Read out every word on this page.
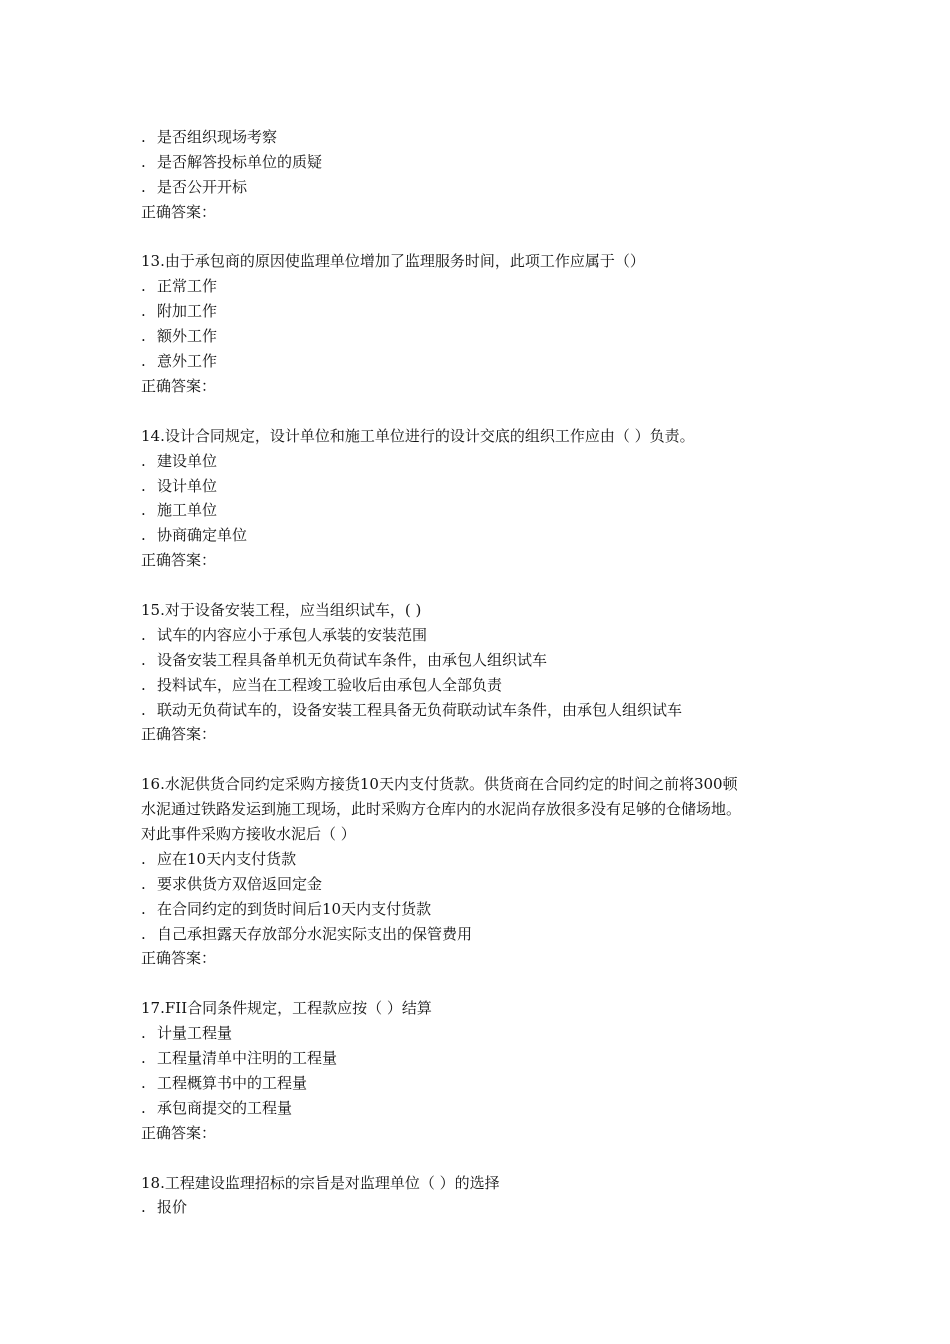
. 是否组织现场考察
. 是否解答投标单位的质疑
. 是否公开开标
正确答案：
13.由于承包商的原因使监理单位增加了监理服务时间，此项工作应属于（）
. 正常工作
. 附加工作
. 额外工作
. 意外工作
正确答案：
14.设计合同规定，设计单位和施工单位进行的设计交底的组织工作应由（ ）负责。
. 建设单位
. 设计单位
. 施工单位
. 协商确定单位
正确答案：
15.对于设备安装工程，应当组织试车，( )
. 试车的内容应小于承包人承装的安装范围
. 设备安装工程具备单机无负荷试车条件，由承包人组织试车
. 投料试车，应当在工程竣工验收后由承包人全部负责
. 联动无负荷试车的，设备安装工程具备无负荷联动试车条件，由承包人组织试车
正确答案：
16.水泥供货合同约定采购方接货10天内支付货款。供货商在合同约定的时间之前将300顿
水泥通过铁路发运到施工现场，此时采购方仓库内的水泥尚存放很多没有足够的仓储场地。
对此事件采购方接收水泥后（ ）
. 应在10天内支付货款
. 要求供货方双倍返回定金
. 在合同约定的到货时间后10天内支付货款
. 自己承担露天存放部分水泥实际支出的保管费用
正确答案：
17.FII合同条件规定，工程款应按（ ）结算
. 计量工程量
. 工程量清单中注明的工程量
. 工程概算书中的工程量
. 承包商提交的工程量
正确答案：
18.工程建设监理招标的宗旨是对监理单位（ ）的选择
. 报价
